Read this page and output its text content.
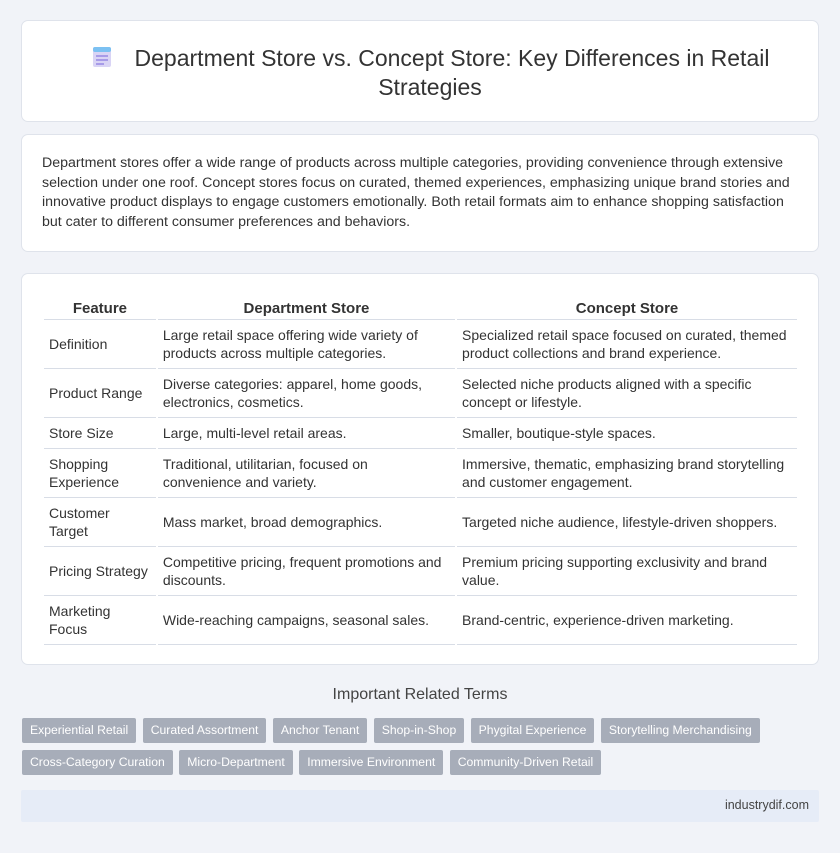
Department Store vs. Concept Store: Key Differences in Retail Strategies

Department stores offer a wide range of products across multiple categories, providing convenience through extensive selection under one roof. Concept stores focus on curated, themed experiences, emphasizing unique brand stories and innovative product displays to engage customers emotionally. Both retail formats aim to enhance shopping satisfaction but cater to different consumer preferences and behaviors.

Feature	Department Store	Concept Store
Definition	Large retail space offering wide variety of products across multiple categories.	Specialized retail space focused on curated, themed product collections and brand experience.
Product Range	Diverse categories: apparel, home goods, electronics, cosmetics.	Selected niche products aligned with a specific concept or lifestyle.
Store Size	Large, multi-level retail areas.	Smaller, boutique-style spaces.
Shopping Experience	Traditional, utilitarian, focused on convenience and variety.	Immersive, thematic, emphasizing brand storytelling and customer engagement.
Customer Target	Mass market, broad demographics.	Targeted niche audience, lifestyle-driven shoppers.
Pricing Strategy	Competitive pricing, frequent promotions and discounts.	Premium pricing supporting exclusivity and brand value.
Marketing Focus	Wide-reaching campaigns, seasonal sales.	Brand-centric, experience-driven marketing.
Important Related Terms
Experiential Retail Curated Assortment Anchor Tenant Shop-in-Shop Phygital Experience Storytelling Merchandising Cross-Category Curation Micro-Department Immersive Environment Community-Driven Retail
industrydif.com
